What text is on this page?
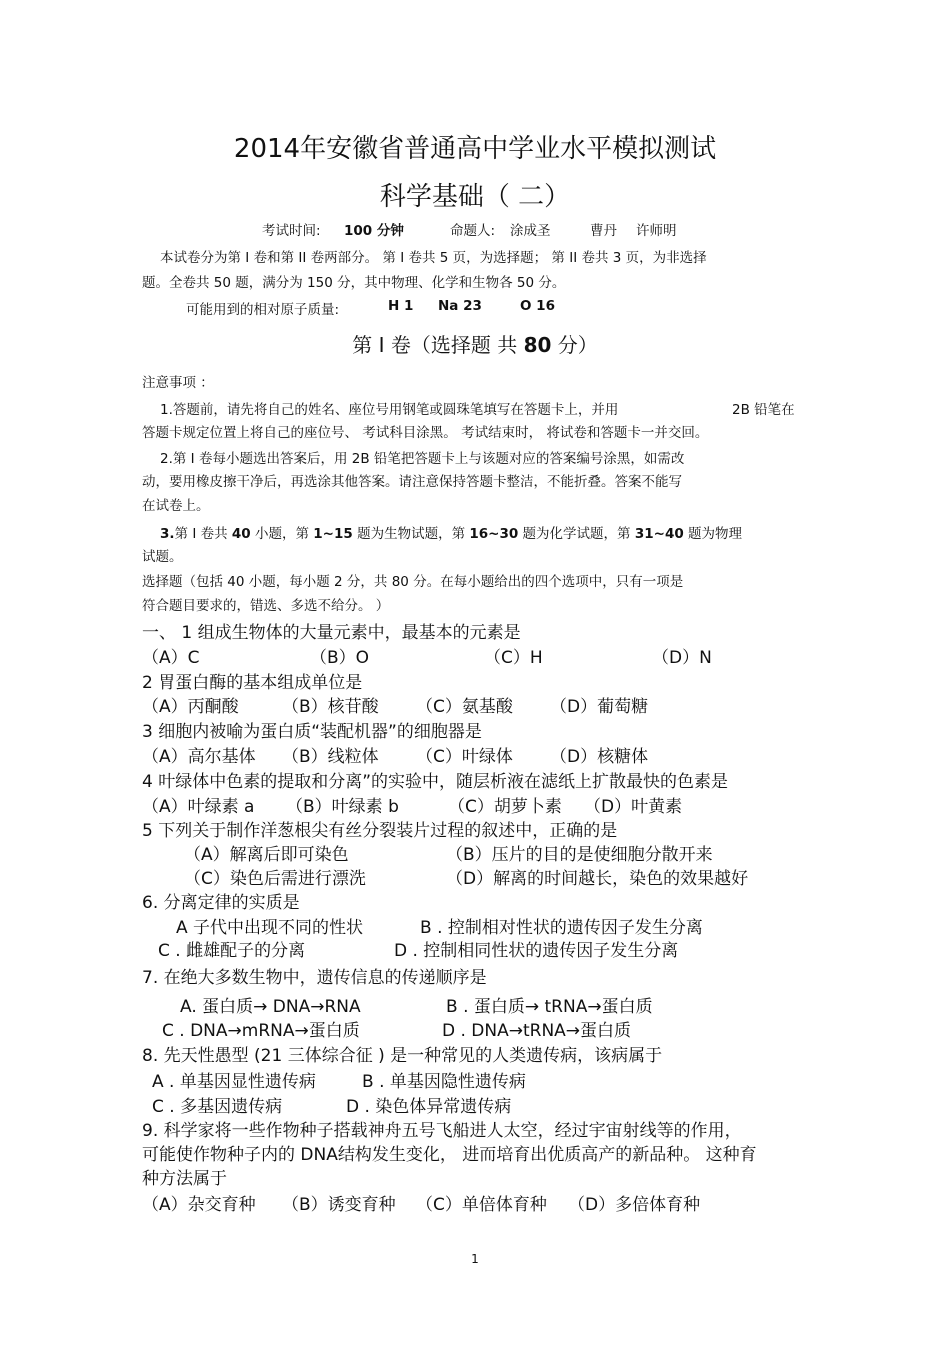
2014年安徽省普通高中学业水平模拟测试
科学基础（ 二）
考试时间: 100 分钟	命题人: 涂成圣	曹丹 许师明
本试卷分为第 I 卷和第 II 卷两部分。 第 I 卷共 5 页，为选择题； 第 II 卷共 3 页，为非选择
题。全卷共 50 题，满分为 150 分，其中物理、化学和生物各 50 分。
可能用到的相对原子质量:	H 1 Na 23	O 16
第 Ⅰ 卷（选择题 共 80 分）
注意事项 ：
1.答题前，请先将自己的姓名、座位号用钢笔或圆珠笔填写在答题卡上，并用	2B 铅笔在
答题卡规定位置上将自己的座位号、 考试科目涂黑。 考试结束时， 将试卷和答题卡一并交回。
2.第 I 卷每小题选出答案后，用 2B 铅笔把答题卡上与该题对应的答案编号涂黑，如需改
动，要用橡皮擦干净后，再选涂其他答案。请注意保持答题卡整洁，不能折叠。答案不能写
在试卷上。
3.第 I 卷共 40 小题，第 1~15 题为生物试题，第 16~30 题为化学试题，第 31~40 题为物理
试题。
选择题（包括 40 小题，每小题 2 分，共 80 分。在每小题给出的四个选项中，只有一项是
符合题目要求的，错选、多选不给分。 ）
一、 1 组成生物体的大量元素中，最基本的元素是
（A）C	（B）O	（C）H	（D）N
2 胃蛋白酶的基本组成单位是
（A）丙酮酸	（B）核苷酸 （C）氨基酸 （D）葡萄糖
3 细胞内被喻为蛋白质“装配机器”的细胞器是
（A）高尔基体 （B）线粒体 （C）叶绿体 （D）核糖体
4 叶绿体中色素的提取和分离”的实验中，随层析液在滤纸上扩散最快的色素是
（A）叶绿素 a （B）叶绿素 b	（C）胡萝卜素 （D）叶黄素
5 下列关于制作洋葱根尖有丝分裂装片过程的叙述中，正确的是
（A）解离后即可染色	（B）压片的目的是使细胞分散开来
（C）染色后需进行漂洗	（D）解离的时间越长，染色的效果越好
6. 分离定律的实质是
A 子代中出现不同的性状	B . 控制相对性状的遗传因子发生分离
C . 雌雄配子的分离	D . 控制相同性状的遗传因子发生分离
7. 在绝大多数生物中，遗传信息的传递顺序是
A. 蛋白质→ DNA→RNA	B . 蛋白质→ tRNA→蛋白质
C . DNA→mRNA→蛋白质	D . DNA→tRNA→蛋白质
8. 先天性愚型 (21 三体综合征 ) 是一种常见的人类遗传病，该病属于
A . 单基因显性遗传病	B . 单基因隐性遗传病
C . 多基因遗传病	D . 染色体异常遗传病
9. 科学家将一些作物种子搭载神舟五号飞船进人太空，经过宇宙射线等的作用，
可能使作物种子内的 DNA结构发生变化， 进而培育出优质高产的新品种。 这种育
种方法属于
（A）杂交育种 （B）诱变育种 （C）单倍体育种 （D）多倍体育种
1
